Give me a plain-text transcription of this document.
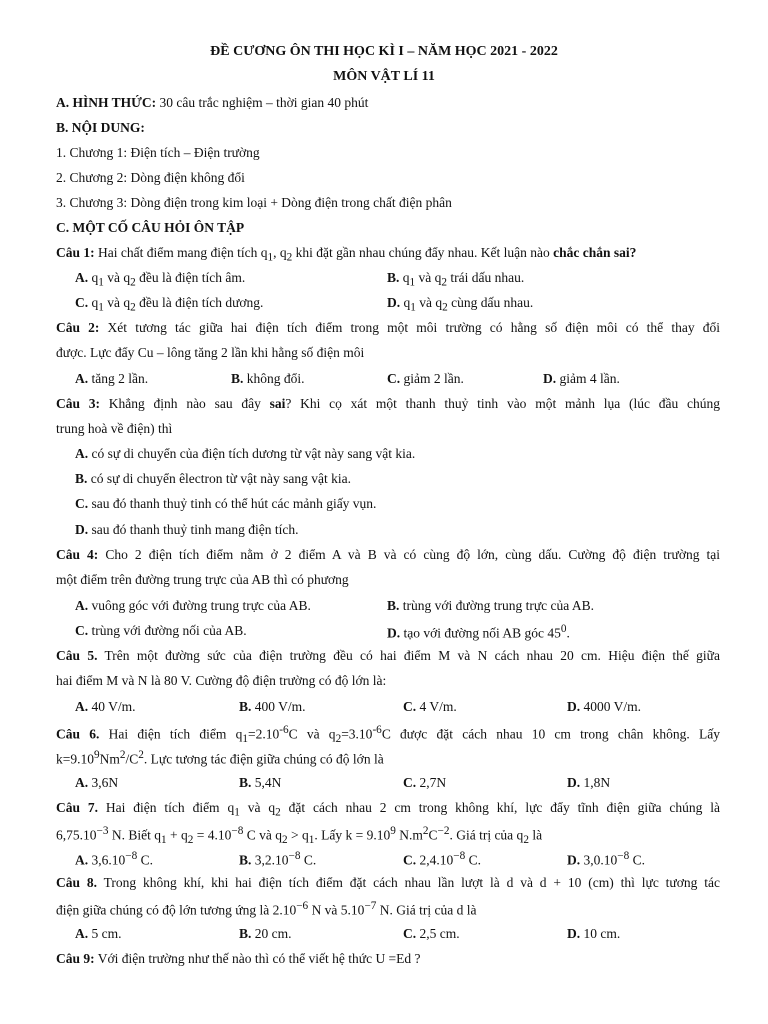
ĐỀ CƯƠNG ÔN THI HỌC KÌ I – NĂM HỌC 2021 - 2022
MÔN VẬT LÍ 11
A. HÌNH THỨC: 30 câu trắc nghiệm – thời gian 40 phút
B. NỘI DUNG:
1. Chương 1: Điện tích – Điện trường
2. Chương 2: Dòng điện không đổi
3. Chương 3: Dòng điện trong kim loại + Dòng điện trong chất điện phân
C. MỘT CỐ CÂU HỎI ÔN TẬP
Câu 1: Hai chất điểm mang điện tích $q_1$, $q_2$ khi đặt gần nhau chúng đẩy nhau. Kết luận nào chắc chắn sai?
A. $q_1$ và $q_2$ đều là điện tích âm.	B. $q_1$ và $q_2$ trái dấu nhau.
C. $q_1$ và $q_2$ đều là điện tích dương.	D. $q_1$ và $q_2$ cùng dấu nhau.
Câu 2: Xét tương tác giữa hai điện tích điểm trong một môi trường có hằng số điện môi có thể thay đổi
được. Lực đẩy Cu – lông tăng 2 lần khi hằng số điện môi
A. tăng 2 lần.	B. không đổi.	C. giảm 2 lần.	D. giảm 4 lần.
Câu 3: Khẳng định nào sau đây sai? Khi cọ xát một thanh thuỷ tinh vào một mảnh lụa (lúc đầu chúng
trung hoà về điện) thì
A. có sự di chuyển của điện tích dương từ vật này sang vật kia.
B. có sự di chuyển êlectron từ vật này sang vật kia.
C. sau đó thanh thuỷ tinh có thể hút các mảnh giấy vụn.
D. sau đó thanh thuỷ tinh mang điện tích.
Câu 4: Cho 2 điện tích điểm nằm ở 2 điểm A và B và có cùng độ lớn, cùng dấu. Cường độ điện trường tại
một điểm trên đường trung trực của AB thì có phương
A. vuông góc với đường trung trực của AB.	B. trùng với đường trung trực của AB.
C. trùng với đường nối của AB.	D. tạo với đường nối AB góc $45^0$.
Câu 5. Trên một đường sức của điện trường đều có hai điểm M và N cách nhau 20 cm. Hiệu điện thế giữa
hai điểm M và N là 80 V. Cường độ điện trường có độ lớn là:
A. 40 V/m.	B. 400 V/m.	C. 4 V/m.	D. 4000 V/m.
Câu 6. Hai điện tích điểm $q_1=2.10^{-6}C$ và $q_2=3.10^{-6}C$ được đặt cách nhau 10 cm trong chân không. Lấy
$k=9.10^9Nm^2/C^2$. Lực tương tác điện giữa chúng có độ lớn là
A. 3,6N	B. 5,4N	C. 2,7N	D. 1,8N
Câu 7. Hai điện tích điểm $q_1$ và $q_2$ đặt cách nhau 2 cm trong không khí, lực đẩy tĩnh điện giữa chúng là
$6,75.10^{-3}$ N. Biết $q_1 + q_2 = 4.10^{-8}$ C và $q_2 > q_1$. Lấy $k = 9.10^9$ $N.m^2C^{-2}$. Giá trị của $q_2$ là
A. $3,6.10^{-8}$ C.	B. $3,2.10^{-8}$ C.	C. $2,4.10^{-8}$ C.	D. $3,0.10^{-8}$ C.
Câu 8. Trong không khí, khi hai điện tích điểm đặt cách nhau lần lượt là d và d + 10 (cm) thì lực tương tác
điện giữa chúng có độ lớn tương ứng là $2.10^{-6}$ N và $5.10^{-7}$ N. Giá trị của d là
A. 5 cm.	B. 20 cm.	C. 2,5 cm.	D. 10 cm.
Câu 9: Với điện trường như thế nào thì có thể viết hệ thức U =Ed ?
